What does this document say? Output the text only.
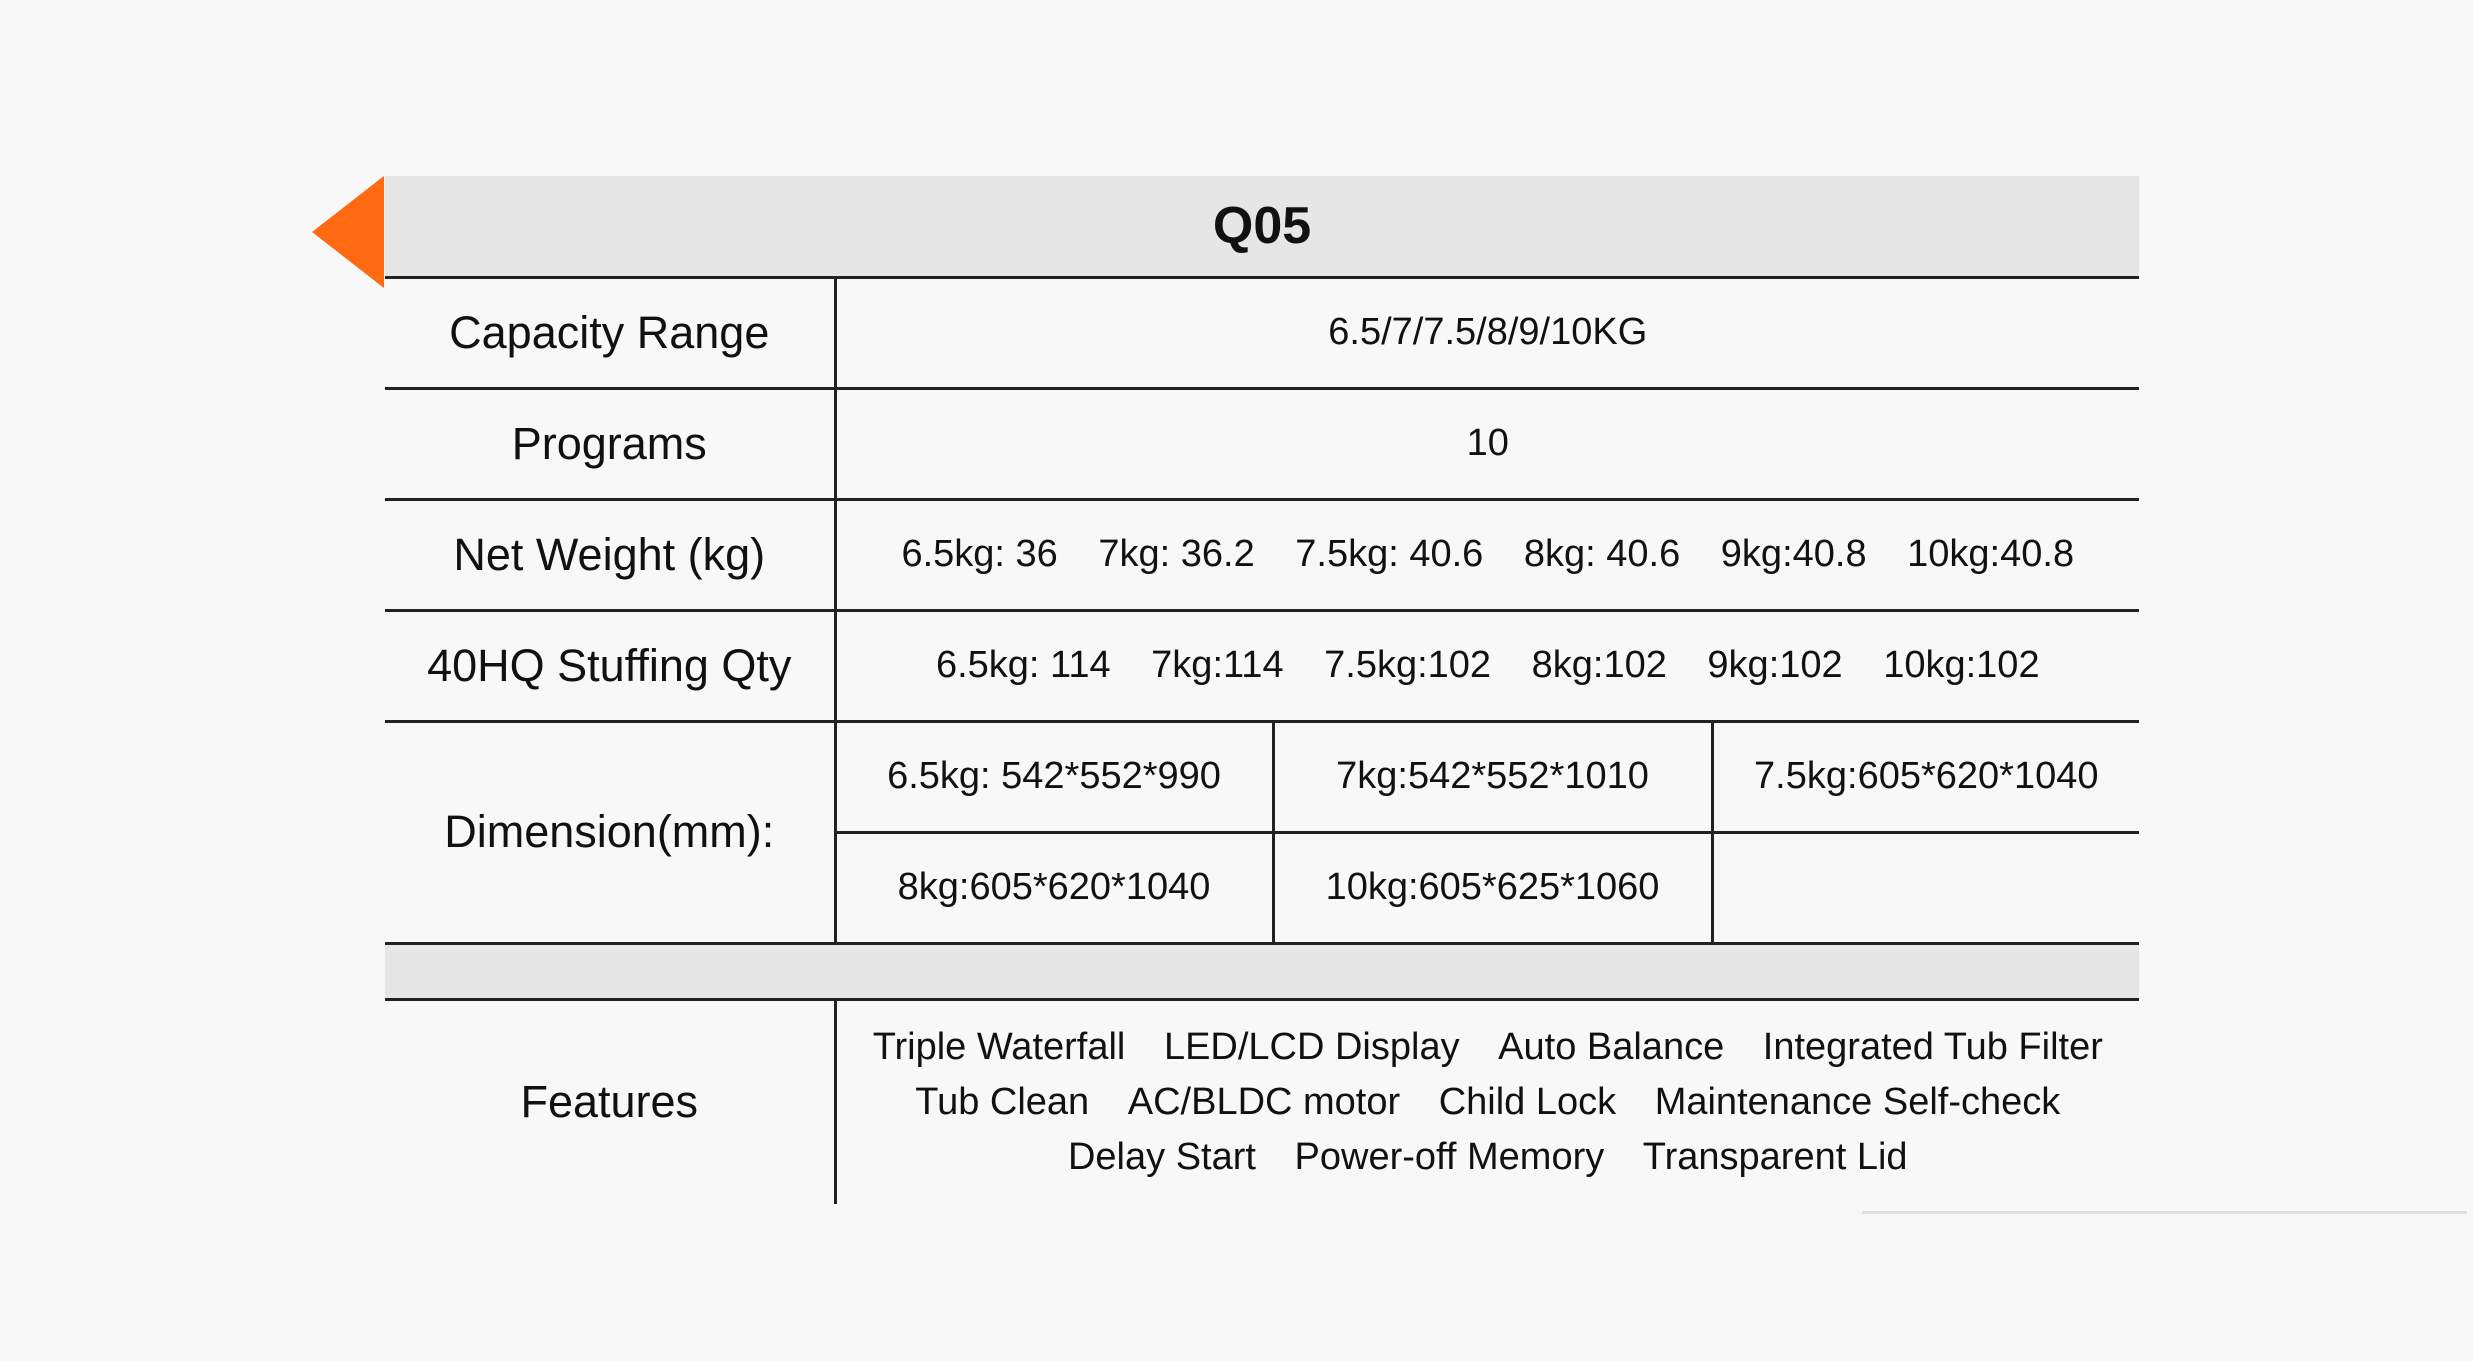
Q05			
Capacity Range	6.5/7/7.5/8/9/10KG		
Programs	10		
Net Weight (kg)	6.5kg: 36 7kg: 36.2 7.5kg: 40.6 8kg: 40.6 9kg:40.8 10kg:40.8		
40HQ Stuffing Qty	6.5kg: 114 7kg:114 7.5kg:102 8kg:102 9kg:102 10kg:102		
Dimension(mm):	6.5kg: 542*552*990	7kg:542*552*1010	7.5kg:605*620*1040
	8kg:605*620*1040	10kg:605*625*1060	

Features	Triple Waterfall LED/LCD Display Auto Balance Integrated Tub Filter
Tub Clean AC/BLDC motor Child Lock Maintenance Self-check
Delay Start Power-off Memory Transparent Lid		
